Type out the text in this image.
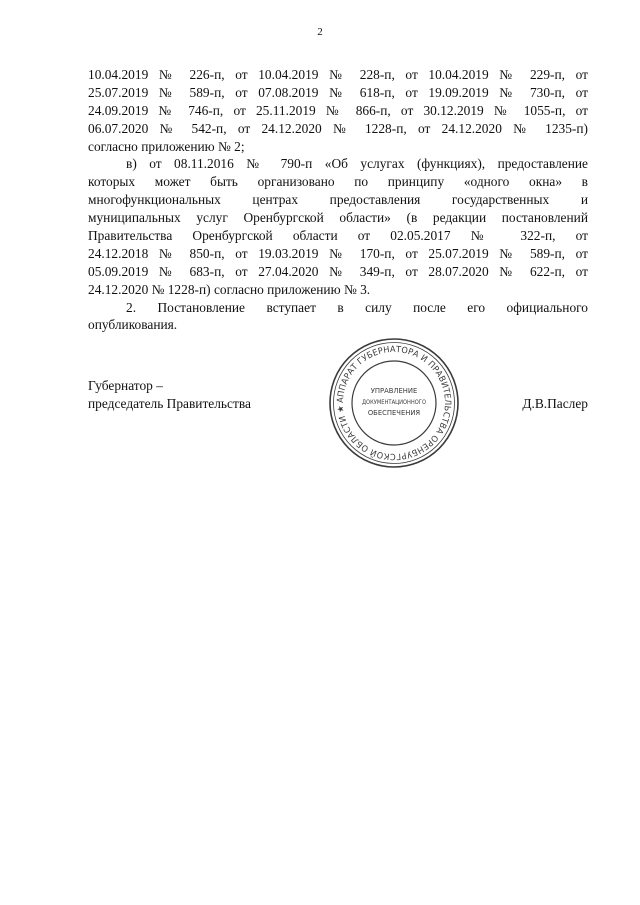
2
10.04.2019 № 226-п, от 10.04.2019 № 228-п, от 10.04.2019 № 229-п, от
25.07.2019 № 589-п, от 07.08.2019 № 618-п, от 19.09.2019 № 730-п, от
24.09.2019 № 746-п, от 25.11.2019 № 866-п, от 30.12.2019 № 1055-п, от
06.07.2020 № 542-п, от 24.12.2020 № 1228-п, от 24.12.2020 № 1235-п)
согласно приложению № 2;
в) от 08.11.2016 № 790-п «Об услугах (функциях), предоставление
которых может быть организовано по принципу «одного окна» в
многофункциональных центрах предоставления государственных и
муниципальных услуг Оренбургской области» (в редакции постановлений
Правительства Оренбургской области от 02.05.2017 № 322-п, от
24.12.2018 № 850-п, от 19.03.2019 № 170-п, от 25.07.2019 № 589-п, от
05.09.2019 № 683-п, от 27.04.2020 № 349-п, от 28.07.2020 № 622-п, от
24.12.2020 № 1228-п) согласно приложению № 3.
2. Постановление вступает в силу после его официального
опубликования.
Губернатор –
председатель Правительства	Д.В.Паслер
АППАРАТ ГУБЕРНАТОРА И ПРАВИТЕЛЬСТВА ОРЕНБУРГСКОЙ ОБЛАСТИ ★
УПРАВЛЕНИЕ
ДОКУМЕНТАЦИОННОГО
ОБЕСПЕЧЕНИЯ
